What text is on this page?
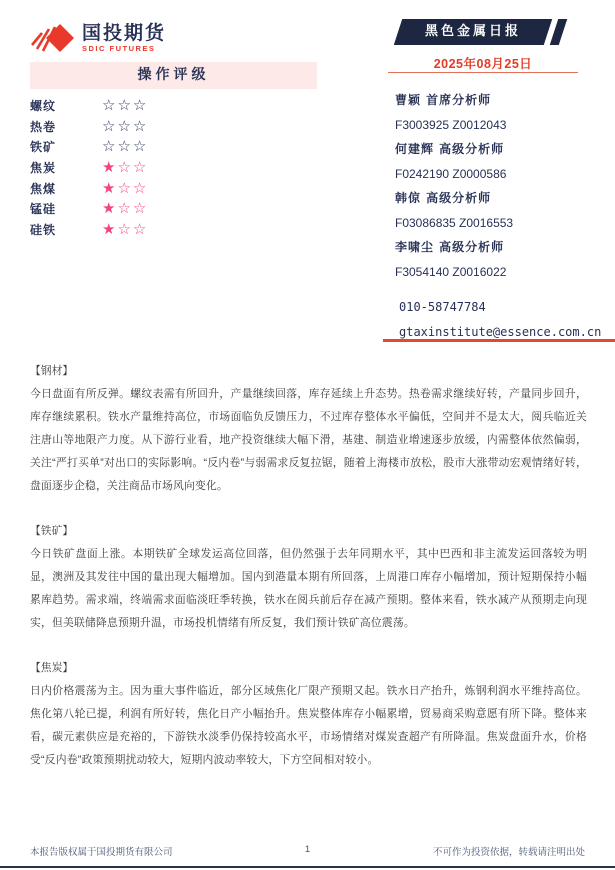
国投期货
SDIC FUTURES
黑色金属日报
2025年08月25日
操作评级
螺纹	☆☆☆
热卷	☆☆☆
铁矿	☆☆☆
焦炭	★☆☆
焦煤	★☆☆
锰硅	★☆☆
硅铁	★☆☆
曹颖 首席分析师
F3003925 Z0012043
何建辉 高级分析师
F0242190 Z0000586
韩倞 高级分析师
F03086835 Z0016553
李啸尘 高级分析师
F3054140 Z0016022
010-58747784
gtaxinstitute@essence.com.cn
【钢材】
今日盘面有所反弹。螺纹表需有所回升，产量继续回落，库存延续上升态势。热卷需求继续好转，产量同步回升，库存继续累积。铁水产量维持高位，市场面临负反馈压力，不过库存整体水平偏低，空间并不是太大，阅兵临近关注唐山等地限产力度。从下游行业看，地产投资继续大幅下滑，基建、制造业增速逐步放缓，内需整体依然偏弱，关注“严打买单”对出口的实际影响。“反内卷”与弱需求反复拉锯，随着上海楼市放松，股市大涨带动宏观情绪好转，盘面逐步企稳，关注商品市场风向变化。
【铁矿】
今日铁矿盘面上涨。本期铁矿全球发运高位回落，但仍然强于去年同期水平，其中巴西和非主流发运回落较为明显，澳洲及其发往中国的量出现大幅增加。国内到港量本期有所回落，上周港口库存小幅增加，预计短期保持小幅累库趋势。需求端，终端需求面临淡旺季转换，铁水在阅兵前后存在减产预期。整体来看，铁水减产从预期走向现实，但美联储降息预期升温，市场投机情绪有所反复，我们预计铁矿高位震荡。
【焦炭】
日内价格震荡为主。因为重大事件临近，部分区域焦化厂限产预期又起。铁水日产抬升，炼钢利润水平维持高位。焦化第八轮已提，利润有所好转，焦化日产小幅抬升。焦炭整体库存小幅累增，贸易商采购意愿有所下降。整体来看，碳元素供应是充裕的，下游铁水淡季仍保持较高水平，市场情绪对煤炭查超产有所降温。焦炭盘面升水，价格受“反内卷”政策预期扰动较大，短期内波动率较大，下方空间相对较小。
本报告版权属于国投期货有限公司	1	不可作为投资依据，转载请注明出处
